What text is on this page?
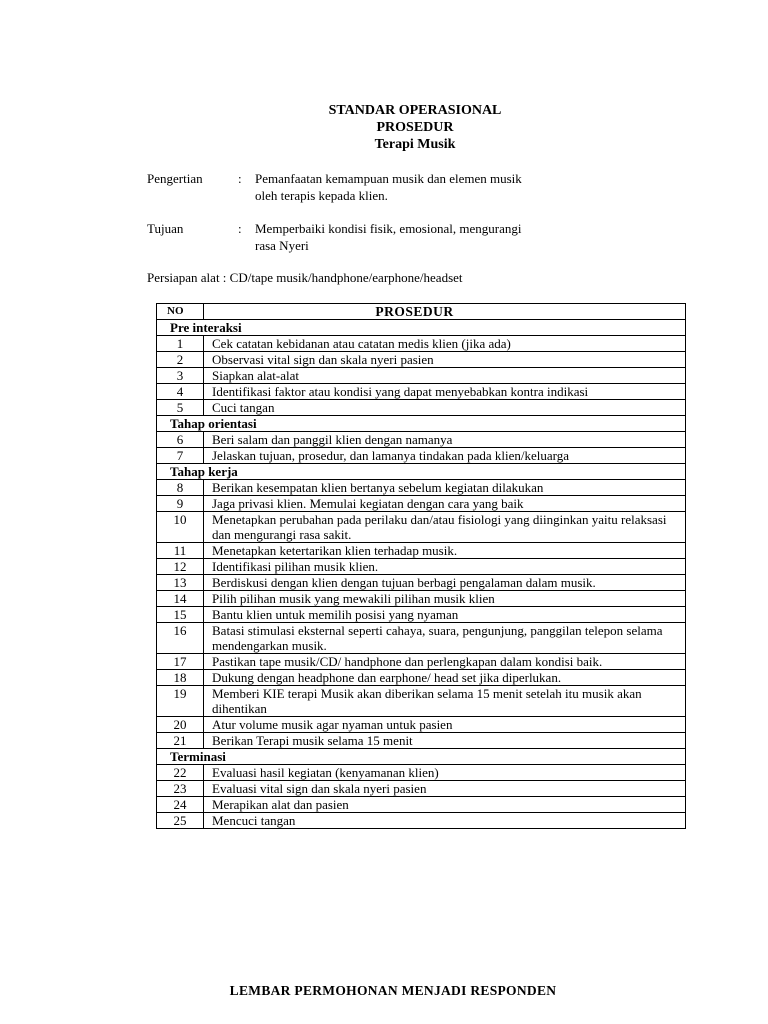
STANDAR OPERASIONAL
PROSEDUR
Terapi Musik
Pengertian	: Pemanfaatan kemampuan musik dan elemen musik
oleh terapis kepada klien.
Tujuan	: Memperbaiki kondisi fisik, emosional, mengurangi
rasa Nyeri
Persiapan alat : CD/tape musik/handphone/earphone/headset
NO	PROSEDUR
Pre interaksi	
1	Cek catatan kebidanan atau catatan medis klien (jika ada)
2	Observasi vital sign dan skala nyeri pasien
3	Siapkan alat-alat
4	Identifikasi faktor atau kondisi yang dapat menyebabkan kontra indikasi
5	Cuci tangan
Tahap orientasi	
6	Beri salam dan panggil klien dengan namanya
7	Jelaskan tujuan, prosedur, dan lamanya tindakan pada klien/keluarga
Tahap kerja	
8	Berikan kesempatan klien bertanya sebelum kegiatan dilakukan
9	Jaga privasi klien. Memulai kegiatan dengan cara yang baik
10	Menetapkan perubahan pada perilaku dan/atau fisiologi yang diinginkan yaitu relaksasi dan mengurangi rasa sakit.
11	Menetapkan ketertarikan klien terhadap musik.
12	Identifikasi pilihan musik klien.
13	Berdiskusi dengan klien dengan tujuan berbagi pengalaman dalam musik.
14	Pilih pilihan musik yang mewakili pilihan musik klien
15	Bantu klien untuk memilih posisi yang nyaman
16	Batasi stimulasi eksternal seperti cahaya, suara, pengunjung, panggilan telepon selama mendengarkan musik.
17	Pastikan tape musik/CD/ handphone dan perlengkapan dalam kondisi baik.
18	Dukung dengan headphone dan earphone/ head set jika diperlukan.
19	Memberi KIE terapi Musik akan diberikan selama 15 menit setelah itu musik akan dihentikan
20	Atur volume musik agar nyaman untuk pasien
21	Berikan Terapi musik selama 15 menit
Terminasi	
22	Evaluasi hasil kegiatan (kenyamanan klien)
23	Evaluasi vital sign dan skala nyeri pasien
24	Merapikan alat dan pasien
25	Mencuci tangan
LEMBAR PERMOHONAN MENJADI RESPONDEN
